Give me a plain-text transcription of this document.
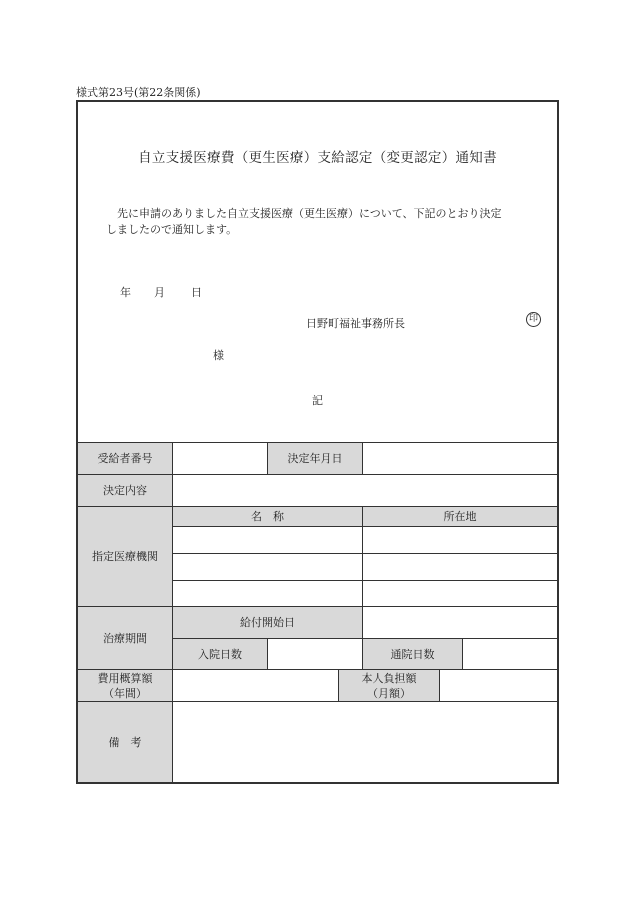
様式第23号(第22条関係)
自立支援医療費（更生医療）支給認定（変更認定）通知書
　先に申請のありました自立支援医療（更生医療）について、下記のとおり決定
しましたので通知します。
年 月 日
日野町福祉事務所長	印
様
記
受給者番号	決定年月日
決定内容
指定医療機関
名　称	所在地
治療期間
給付開始日
入院日数	通院日数
費用概算額
（年間）
本人負担額
（月額）
備　考
